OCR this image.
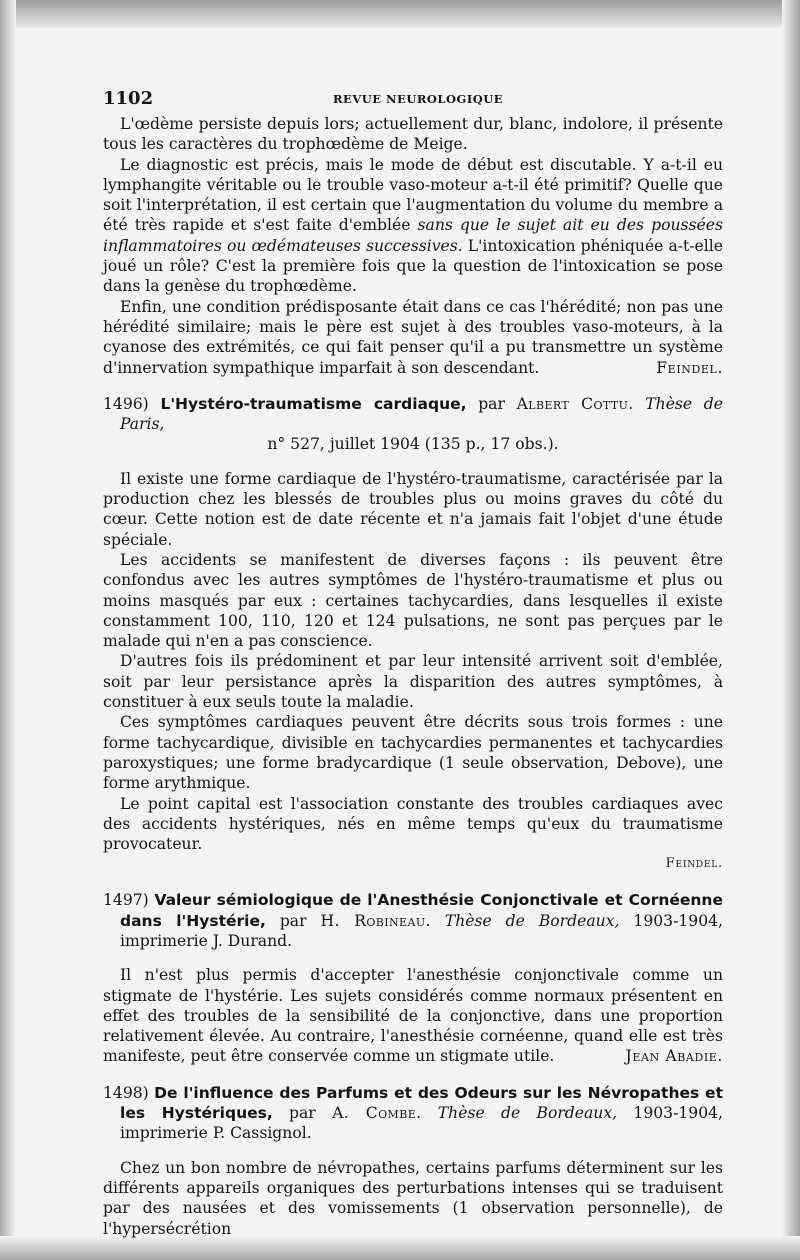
1102	REVUE NEUROLOGIQUE

L'œdème persiste depuis lors; actuellement dur, blanc, indolore, il présente tous les caractères du trophœdème de Meige.

Le diagnostic est précis, mais le mode de début est discutable. Y a-t-il eu lymphangite véritable ou le trouble vaso-moteur a-t-il été primitif? Quelle que soit l'interprétation, il est certain que l'augmentation du volume du membre a été très rapide et s'est faite d'emblée sans que le sujet ait eu des poussées inflammatoires ou œdémateuses successives. L'intoxication phéniquée a-t-elle joué un rôle? C'est la première fois que la question de l'intoxication se pose dans la genèse du trophœdème.

Enfin, une condition prédisposante était dans ce cas l'hérédité; non pas une hérédité similaire; mais le père est sujet à des troubles vaso-moteurs, à la cyanose des extrémités, ce qui fait penser qu'il a pu transmettre un système d'innervation sympathique imparfait à son descendant.	Feindel.

1496) L'Hystéro-traumatisme cardiaque, par Albert Cottu. Thèse de Paris,
n° 527, juillet 1904 (135 p., 17 obs.).

Il existe une forme cardiaque de l'hystéro-traumatisme, caractérisée par la production chez les blessés de troubles plus ou moins graves du côté du cœur. Cette notion est de date récente et n'a jamais fait l'objet d'une étude spéciale.

Les accidents se manifestent de diverses façons : ils peuvent être confondus avec les autres symptômes de l'hystéro-traumatisme et plus ou moins masqués par eux : certaines tachycardies, dans lesquelles il existe constamment 100, 110, 120 et 124 pulsations, ne sont pas perçues par le malade qui n'en a pas conscience.

D'autres fois ils prédominent et par leur intensité arrivent soit d'emblée, soit par leur persistance après la disparition des autres symptômes, à constituer à eux seuls toute la maladie.

Ces symptômes cardiaques peuvent être décrits sous trois formes : une forme tachycardique, divisible en tachycardies permanentes et tachycardies paroxystiques; une forme bradycardique (1 seule observation, Debove), une forme arythmique.

Le point capital est l'association constante des troubles cardiaques avec des accidents hystériques, nés en même temps qu'eux du traumatisme provocateur.

Feindel.
1497) Valeur sémiologique de l'Anesthésie Conjonctivale et Cornéenne dans l'Hystérie, par H. Robineau. Thèse de Bordeaux, 1903-1904, imprimerie J. Durand.

Il n'est plus permis d'accepter l'anesthésie conjonctivale comme un stigmate de l'hystérie. Les sujets considérés comme normaux présentent en effet des troubles de la sensibilité de la conjonctive, dans une proportion relativement élevée. Au contraire, l'anesthésie cornéenne, quand elle est très manifeste, peut être conservée comme un stigmate utile.	Jean Abadie.

1498) De l'influence des Parfums et des Odeurs sur les Névropathes et les Hystériques, par A. Combe. Thèse de Bordeaux, 1903-1904, imprimerie P. Cassignol.

Chez un bon nombre de névropathes, certains parfums déterminent sur les différents appareils organiques des perturbations intenses qui se traduisent par des nausées et des vomissements (1 observation personnelle), de l'hypersécrétion
